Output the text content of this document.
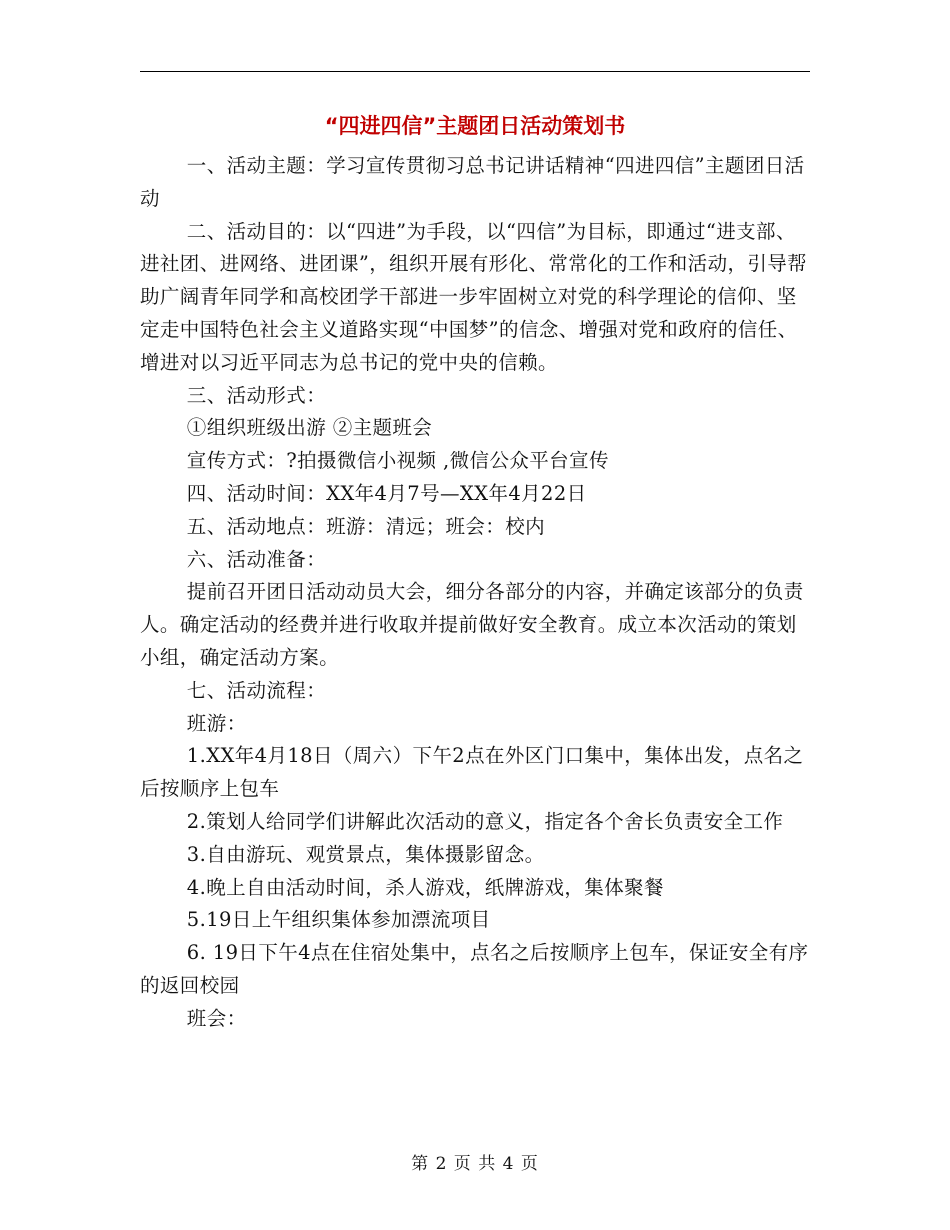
“四进四信”主题团日活动策划书

一、活动主题：学习宣传贯彻习总书记讲话精神“四进四信”主题团日活动

二、活动目的：以“四进”为手段，以“四信”为目标，即通过“进支部、进社团、进网络、进团课”，组织开展有形化、常常化的工作和活动，引导帮助广阔青年同学和高校团学干部进一步牢固树立对党的科学理论的信仰、坚定走中国特色社会主义道路实现“中国梦”的信念、增强对党和政府的信任、增进对以习近平同志为总书记的党中央的信赖。

三、活动形式：

①组织班级出游 ②主题班会

宣传方式：?拍摄微信小视频 ,微信公众平台宣传

四、活动时间：XX年4月7号—XX年4月22日

五、活动地点：班游：清远；班会：校内

六、活动准备：

提前召开团日活动动员大会，细分各部分的内容，并确定该部分的负责人。确定活动的经费并进行收取并提前做好安全教育。成立本次活动的策划小组，确定活动方案。

七、活动流程：

班游：

1.XX年4月18日（周六）下午2点在外区门口集中，集体出发，点名之后按顺序上包车

2.策划人给同学们讲解此次活动的意义，指定各个舍长负责安全工作

3.自由游玩、观赏景点，集体摄影留念。

4.晚上自由活动时间，杀人游戏，纸牌游戏，集体聚餐

5.19日上午组织集体参加漂流项目

6. 19日下午4点在住宿处集中，点名之后按顺序上包车，保证安全有序的返回校园

班会：

第 2 页 共 4 页
